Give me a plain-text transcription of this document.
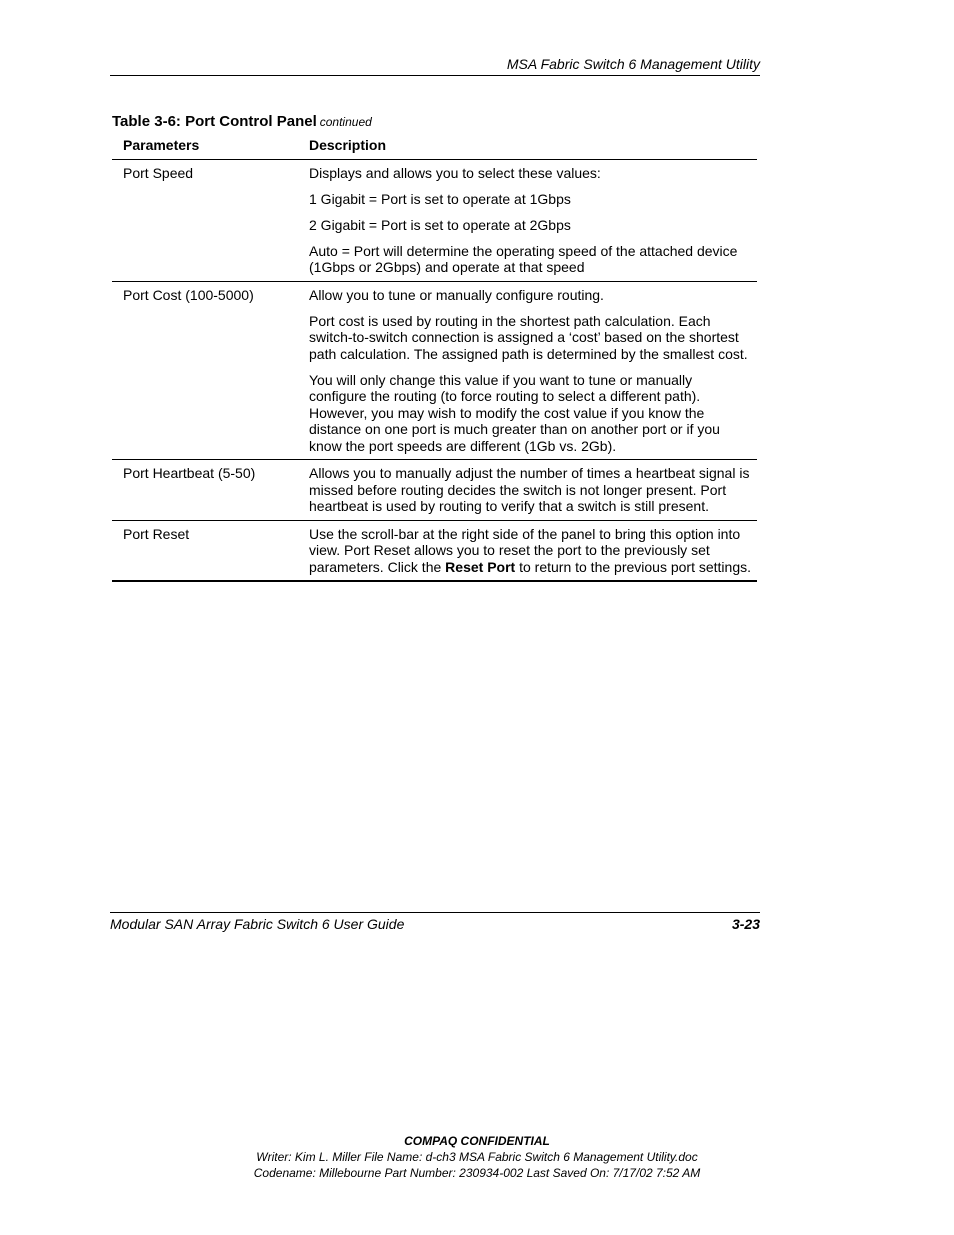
MSA Fabric Switch 6 Management Utility
Table 3-6: Port Control Panel continued
Parameters	Description
Port Speed	Displays and allows you to select these values:

1 Gigabit = Port is set to operate at 1Gbps

2 Gigabit = Port is set to operate at 2Gbps

Auto = Port will determine the operating speed of the attached device (1Gbps or 2Gbps) and operate at that speed

Port Cost (100-5000)	Allow you to tune or manually configure routing.

Port cost is used by routing in the shortest path calculation. Each switch-to-switch connection is assigned a ‘cost’ based on the shortest path calculation. The assigned path is determined by the smallest cost.

You will only change this value if you want to tune or manually configure the routing (to force routing to select a different path). However, you may wish to modify the cost value if you know the distance on one port is much greater than on another port or if you know the port speeds are different (1Gb vs. 2Gb).

Port Heartbeat (5-50)	Allows you to manually adjust the number of times a heartbeat signal is missed before routing decides the switch is not longer present. Port heartbeat is used by routing to verify that a switch is still present.

Port Reset	Use the scroll-bar at the right side of the panel to bring this option into view. Port Reset allows you to reset the port to the previously set parameters. Click the Reset Port to return to the previous port settings.

Modular SAN Array Fabric Switch 6 User Guide	3-23
COMPAQ CONFIDENTIAL
Writer: Kim L. Miller File Name: d-ch3 MSA Fabric Switch 6 Management Utility.doc
Codename: Millebourne Part Number: 230934-002 Last Saved On: 7/17/02 7:52 AM
